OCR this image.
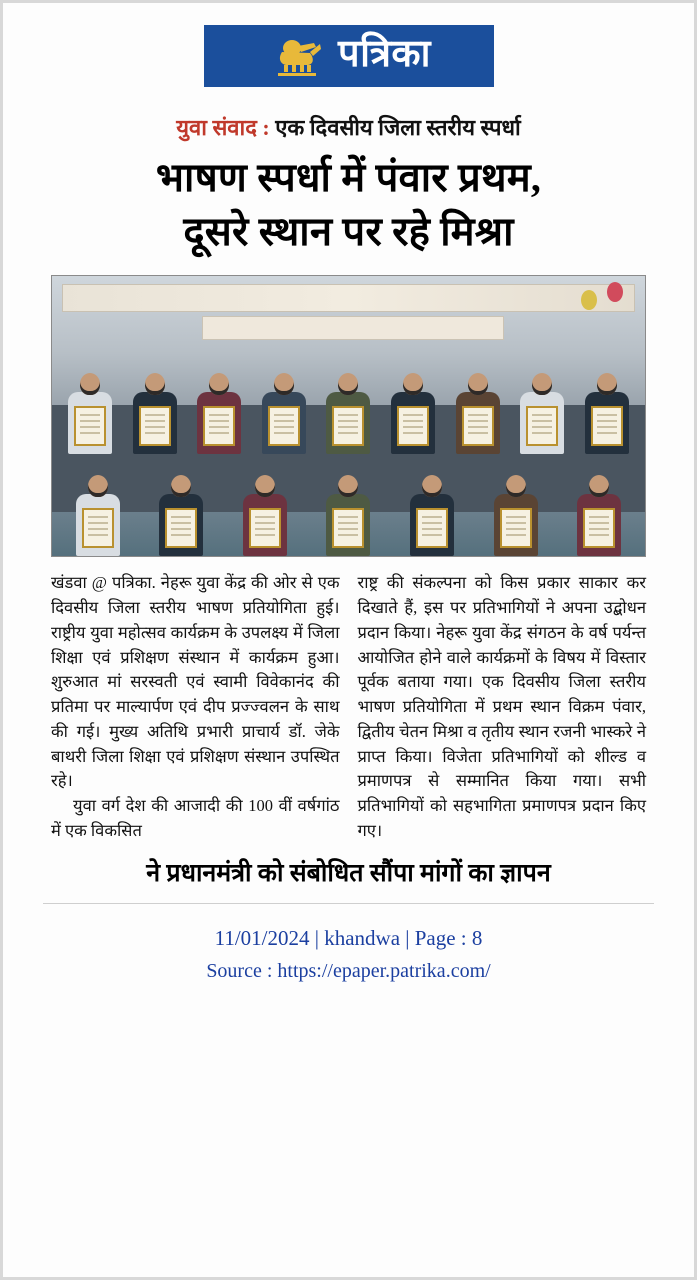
पत्रिका
युवा संवाद : एक दिवसीय जिला स्तरीय स्पर्धा
भाषण स्पर्धा में पंवार प्रथम,
दूसरे स्थान पर रहे मिश्रा

खंडवा @ पत्रिका. नेहरू युवा केंद्र की ओर से एक दिवसीय जिला स्तरीय भाषण प्रतियोगिता हुई। राष्ट्रीय युवा महोत्सव कार्यक्रम के उपलक्ष्य में जिला शिक्षा एवं प्रशिक्षण संस्थान में कार्यक्रम हुआ। शुरुआत मां सरस्वती एवं स्वामी विवेकानंद की प्रतिमा पर माल्यार्पण एवं दीप प्रज्ज्वलन के साथ की गई। मुख्य अतिथि प्रभारी प्राचार्य डॉ. जेके बाथरी जिला शिक्षा एवं प्रशिक्षण संस्थान उपस्थित रहे।

युवा वर्ग देश की आजादी की 100 वीं वर्षगांठ में एक विकसित

राष्ट्र की संकल्पना को किस प्रकार साकार कर दिखाते हैं, इस पर प्रतिभागियों ने अपना उद्बोधन प्रदान किया। नेहरू युवा केंद्र संगठन के वर्ष पर्यन्त आयोजित होने वाले कार्यक्रमों के विषय में विस्तार पूर्वक बताया गया। एक दिवसीय जिला स्तरीय भाषण प्रतियोगिता में प्रथम स्थान विक्रम पंवार, द्वितीय चेतन मिश्रा व तृतीय स्थान रजनी भास्करे ने प्राप्त किया। विजेता प्रतिभागियों को शील्ड व प्रमाणपत्र से सम्मानित किया गया। सभी प्रतिभागियों को सहभागिता प्रमाणपत्र प्रदान किए गए।

ने प्रधानमंत्री को संबोधित सौंपा मांगों का ज्ञापन
11/01/2024 | khandwa | Page : 8
Source : https://epaper.patrika.com/
